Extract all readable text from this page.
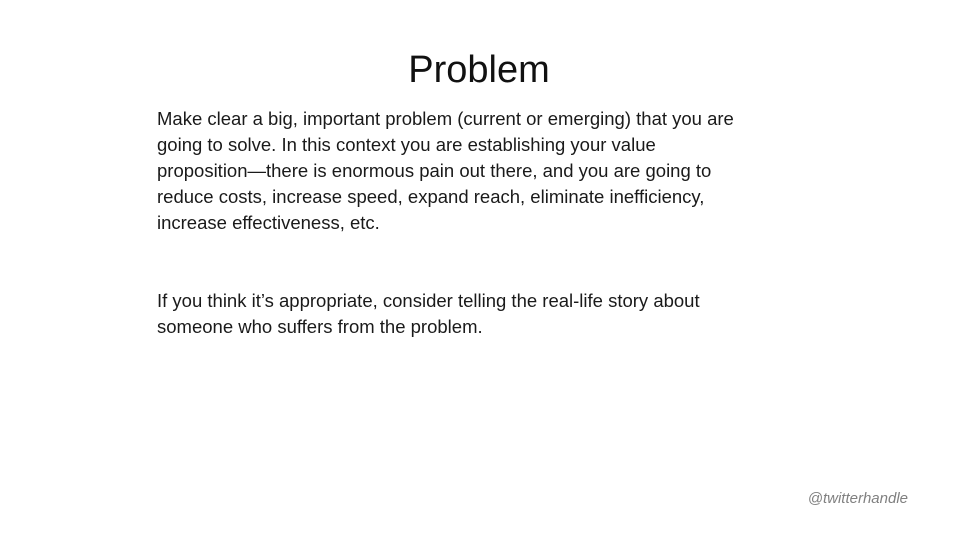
Problem

Make clear a big, important problem (current or emerging) that you are
going to solve. In this context you are establishing your value
proposition—there is enormous pain out there, and you are going to
reduce costs, increase speed, expand reach, eliminate inefficiency,
increase effectiveness, etc.

If you think it’s appropriate, consider telling the real-life story about
someone who suffers from the problem.

@twitterhandle
